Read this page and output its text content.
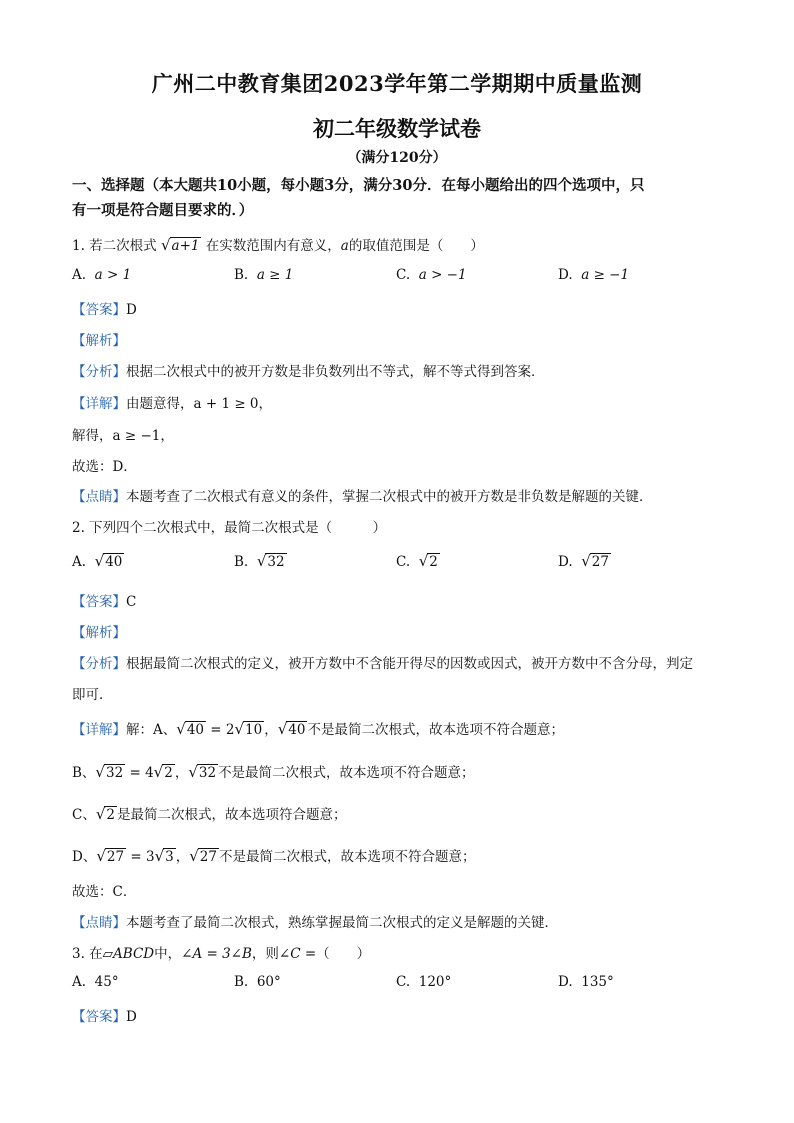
广州二中教育集团2023学年第二学期期中质量监测
初二年级数学试卷
（满分120分）
一、选择题（本大题共10小题，每小题3分，满分30分．在每小题给出的四个选项中，只
有一项是符合题目要求的．）
1. 若二次根式 √a+1 在实数范围内有意义，a的取值范围是（　　）
A. a > 1	B. a ≥ 1	C. a > −1	D. a ≥ −1
【答案】D
【解析】
【分析】根据二次根式中的被开方数是非负数列出不等式，解不等式得到答案．
【详解】由题意得，a + 1 ≥ 0，
解得，a ≥ −1，
故选：D．
【点睛】本题考查了二次根式有意义的条件，掌握二次根式中的被开方数是非负数是解题的关键．
2. 下列四个二次根式中，最简二次根式是（　　　）
A. √40	B. √32	C. √2	D. √27
【答案】C
【解析】
【分析】根据最简二次根式的定义，被开方数中不含能开得尽的因数或因式，被开方数中不含分母，判定
即可．
【详解】解：A、√40 = 2√10 ，√40 不是最简二次根式，故本选项不符合题意；
B、√32 = 4√2 ，√32 不是最简二次根式，故本选项不符合题意；
C、√2 是最简二次根式，故本选项符合题意；
D、√27 = 3√3 ，√27 不是最简二次根式，故本选项不符合题意；
故选：C．
【点睛】本题考查了最简二次根式，熟练掌握最简二次根式的定义是解题的关键．
3. 在▱ABCD中，∠A = 3∠B，则∠C =（　　）
A. 45°	B. 60°	C. 120°	D. 135°
【答案】D
